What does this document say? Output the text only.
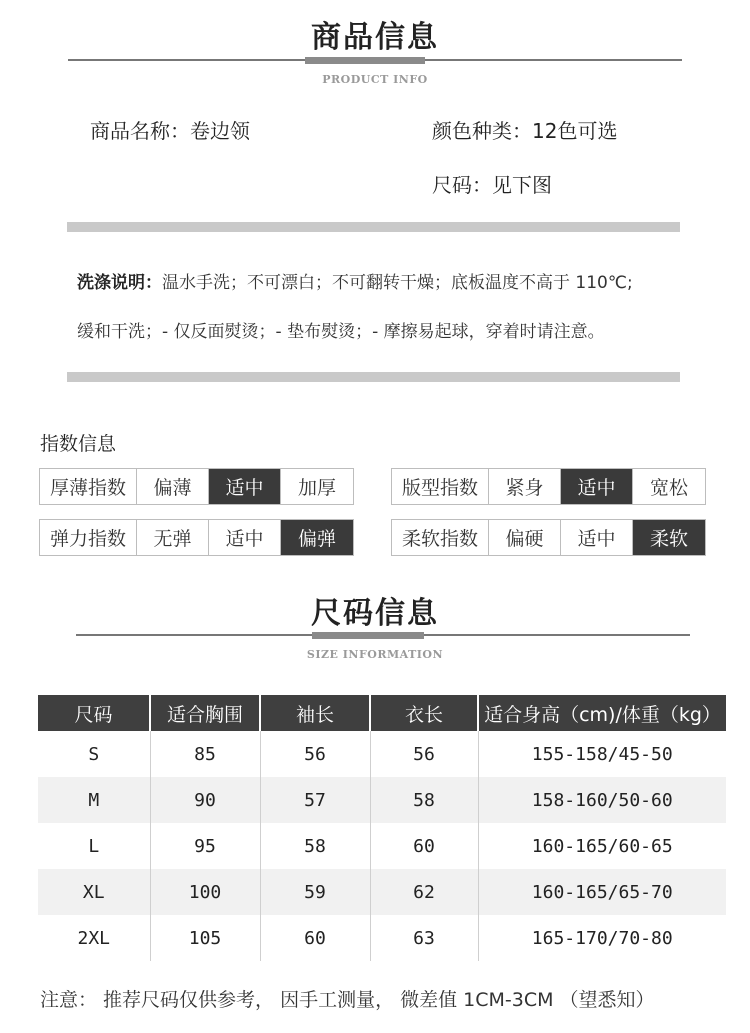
商品信息
PRODUCT INFO
商品名称：卷边领	颜色种类：12色可选
尺码：见下图
洗涤说明：温水手洗；不可漂白；不可翻转干燥；底板温度不高于 110℃;
缓和干洗；- 仅反面熨烫；- 垫布熨烫；- 摩擦易起球，穿着时请注意。
指数信息
厚薄指数	偏薄	适中	加厚	版型指数	紧身	适中	宽松
弹力指数	无弹	适中	偏弹	柔软指数	偏硬	适中	柔软
尺码信息
SIZE INFORMATION
尺码	适合胸围	袖长	衣长	适合身高（cm)/体重（kg）
S	85	56	56	155-158/45-50
M	90	57	58	158-160/50-60
L	95	58	60	160-165/60-65
XL	100	59	62	160-165/65-70
2XL	105	60	63	165-170/70-80
注意： 推荐尺码仅供参考， 因手工测量， 微差值 1CM-3CM （望悉知）
